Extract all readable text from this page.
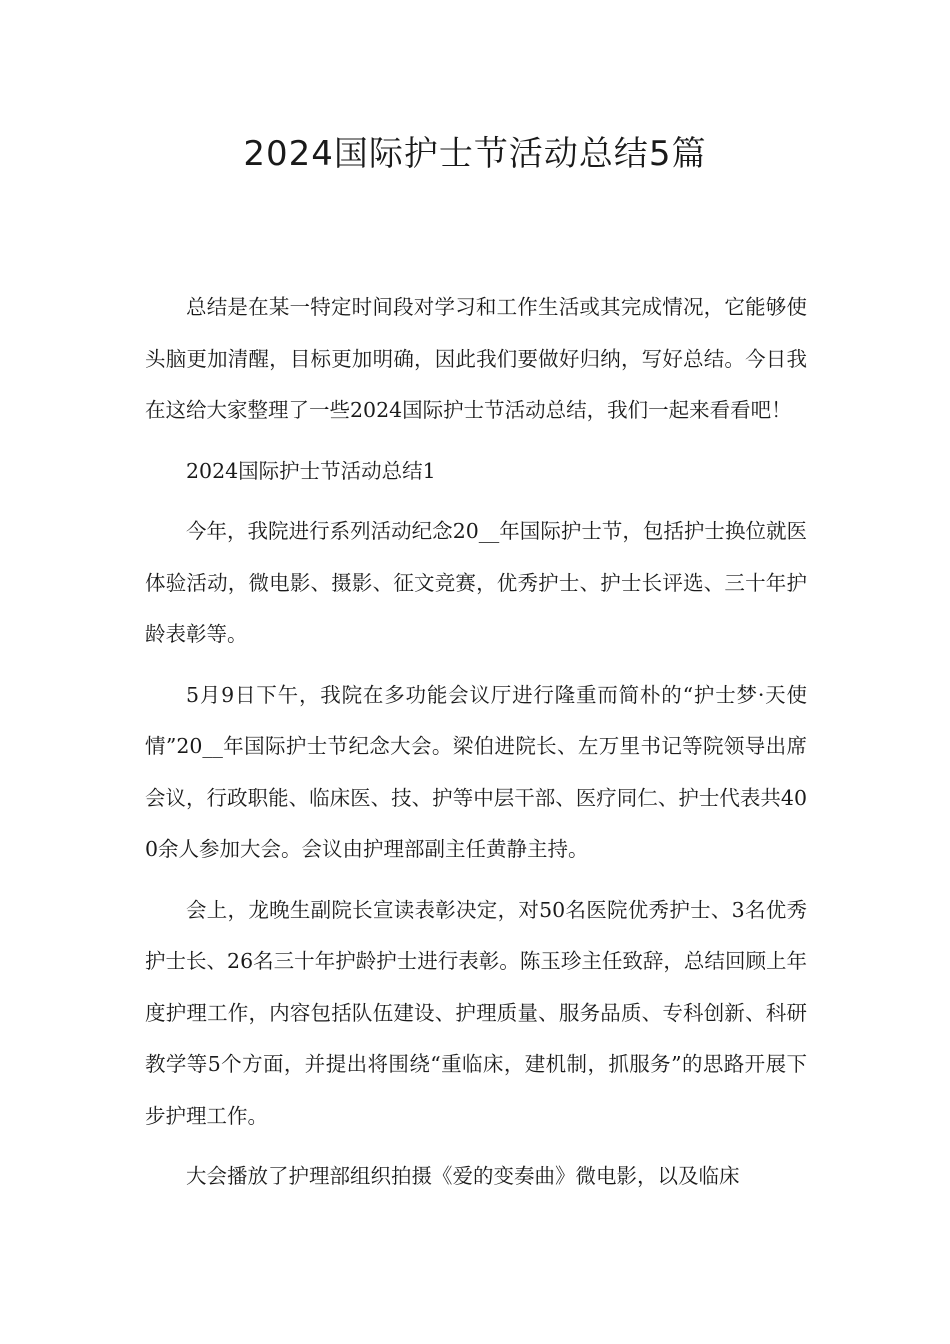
2024国际护士节活动总结5篇

总结是在某一特定时间段对学习和工作生活或其完成情况，它能够使头脑更加清醒，目标更加明确，因此我们要做好归纳，写好总结。今日我在这给大家整理了一些2024国际护士节活动总结，我们一起来看看吧！

2024国际护士节活动总结1

今年，我院进行系列活动纪念20__年国际护士节，包括护士换位就医体验活动，微电影、摄影、征文竞赛，优秀护士、护士长评选、三十年护龄表彰等。

5月9日下午，我院在多功能会议厅进行隆重而简朴的“护士梦·天使情”20__年国际护士节纪念大会。梁伯进院长、左万里书记等院领导出席会议，行政职能、临床医、技、护等中层干部、医疗同仁、护士代表共400余人参加大会。会议由护理部副主任黄静主持。

会上，龙晚生副院长宣读表彰决定，对50名医院优秀护士、3名优秀护士长、26名三十年护龄护士进行表彰。陈玉珍主任致辞，总结回顾上年度护理工作，内容包括队伍建设、护理质量、服务品质、专科创新、科研教学等5个方面，并提出将围绕“重临床，建机制，抓服务”的思路开展下步护理工作。

大会播放了护理部组织拍摄《爱的变奏曲》微电影，以及临床
